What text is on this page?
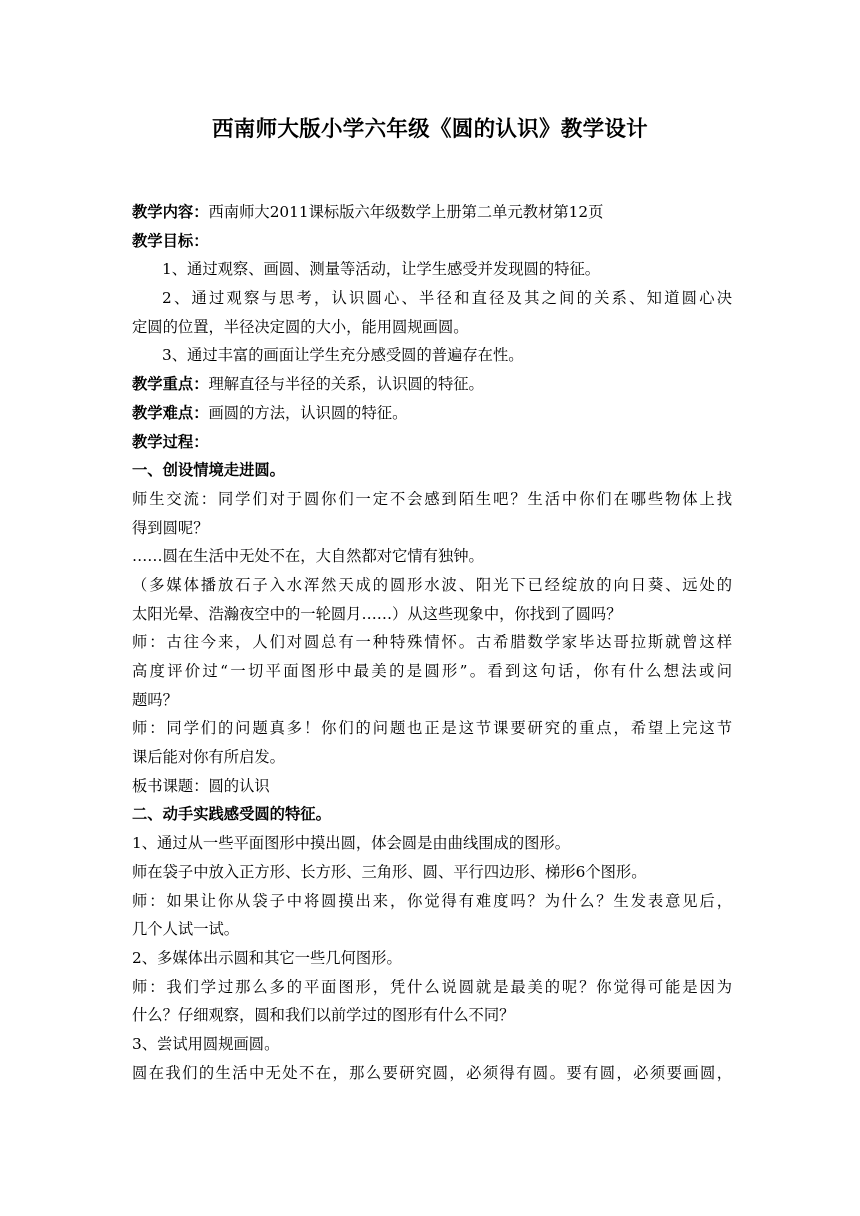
西南师大版小学六年级《圆的认识》教学设计
教学内容：西南师大2011课标版六年级数学上册第二单元教材第12页
教学目标：
1、通过观察、画圆、测量等活动，让学生感受并发现圆的特征。
2、通过观察与思考，认识圆心、半径和直径及其之间的关系、知道圆心决
定圆的位置，半径决定圆的大小，能用圆规画圆。
3、通过丰富的画面让学生充分感受圆的普遍存在性。
教学重点：理解直径与半径的关系，认识圆的特征。
教学难点：画圆的方法，认识圆的特征。
教学过程：
一、创设情境走进圆。
师生交流：同学们对于圆你们一定不会感到陌生吧？生活中你们在哪些物体上找
得到圆呢？
……圆在生活中无处不在，大自然都对它情有独钟。
（多媒体播放石子入水浑然天成的圆形水波、阳光下已经绽放的向日葵、远处的
太阳光晕、浩瀚夜空中的一轮圆月……）从这些现象中，你找到了圆吗？
师：古往今来，人们对圆总有一种特殊情怀。古希腊数学家毕达哥拉斯就曾这样
高度评价过“一切平面图形中最美的是圆形”。看到这句话，你有什么想法或问
题吗？
师：同学们的问题真多！你们的问题也正是这节课要研究的重点，希望上完这节
课后能对你有所启发。
板书课题：圆的认识
二、动手实践感受圆的特征。
1、通过从一些平面图形中摸出圆，体会圆是由曲线围成的图形。
师在袋子中放入正方形、长方形、三角形、圆、平行四边形、梯形6个图形。
师：如果让你从袋子中将圆摸出来，你觉得有难度吗？为什么？生发表意见后，
几个人试一试。
2、多媒体出示圆和其它一些几何图形。
师：我们学过那么多的平面图形，凭什么说圆就是最美的呢？你觉得可能是因为
什么？仔细观察，圆和我们以前学过的图形有什么不同？
3、尝试用圆规画圆。
圆在我们的生活中无处不在，那么要研究圆，必须得有圆。要有圆，必须要画圆，
